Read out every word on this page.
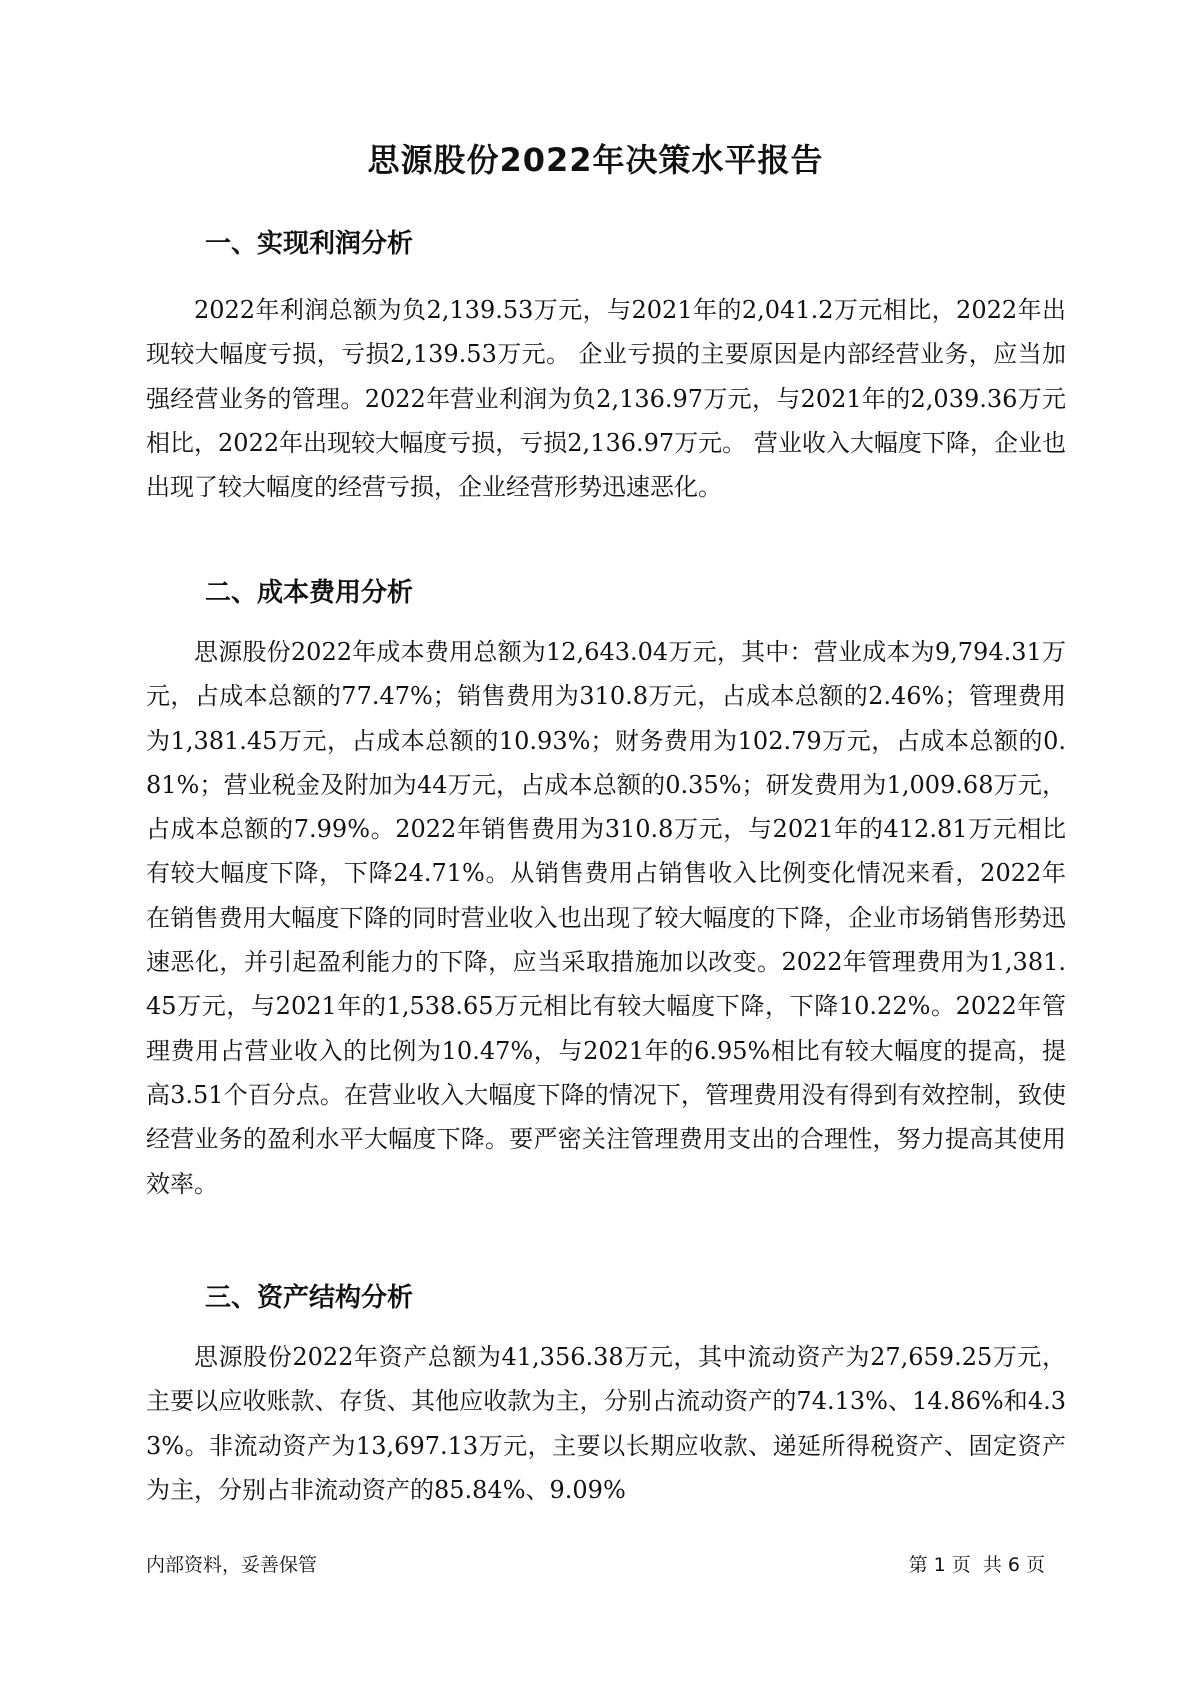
思源股份2022年决策水平报告
一、实现利润分析

2022年利润总额为负2,139.53万元，与2021年的2,041.2万元相比，2022年出现较大幅度亏损，亏损2,139.53万元。 企业亏损的主要原因是内部经营业务，应当加强经营业务的管理。2022年营业利润为负2,136.97万元，与2021年的2,039.36万元相比，2022年出现较大幅度亏损，亏损2,136.97万元。 营业收入大幅度下降，企业也出现了较大幅度的经营亏损，企业经营形势迅速恶化。

二、成本费用分析

思源股份2022年成本费用总额为12,643.04万元，其中：营业成本为9,794.31万元，占成本总额的77.47%；销售费用为310.8万元，占成本总额的2.46%；管理费用为1,381.45万元，占成本总额的10.93%；财务费用为102.79万元，占成本总额的0.81%；营业税金及附加为44万元，占成本总额的0.35%；研发费用为1,009.68万元，占成本总额的7.99%。2022年销售费用为310.8万元，与2021年的412.81万元相比有较大幅度下降，下降24.71%。从销售费用占销售收入比例变化情况来看，2022年在销售费用大幅度下降的同时营业收入也出现了较大幅度的下降，企业市场销售形势迅速恶化，并引起盈利能力的下降，应当采取措施加以改变。2022年管理费用为1,381.45万元，与2021年的1,538.65万元相比有较大幅度下降，下降10.22%。2022年管理费用占营业收入的比例为10.47%，与2021年的6.95%相比有较大幅度的提高，提高3.51个百分点。在营业收入大幅度下降的情况下，管理费用没有得到有效控制，致使经营业务的盈利水平大幅度下降。要严密关注管理费用支出的合理性，努力提高其使用效率。

三、资产结构分析

思源股份2022年资产总额为41,356.38万元，其中流动资产为27,659.25万元，主要以应收账款、存货、其他应收款为主，分别占流动资产的74.13%、14.86%和4.33%。非流动资产为13,697.13万元，主要以长期应收款、递延所得税资产、固定资产为主，分别占非流动资产的85.84%、9.09%

内部资料，妥善保管	第 1 页  共 6 页
